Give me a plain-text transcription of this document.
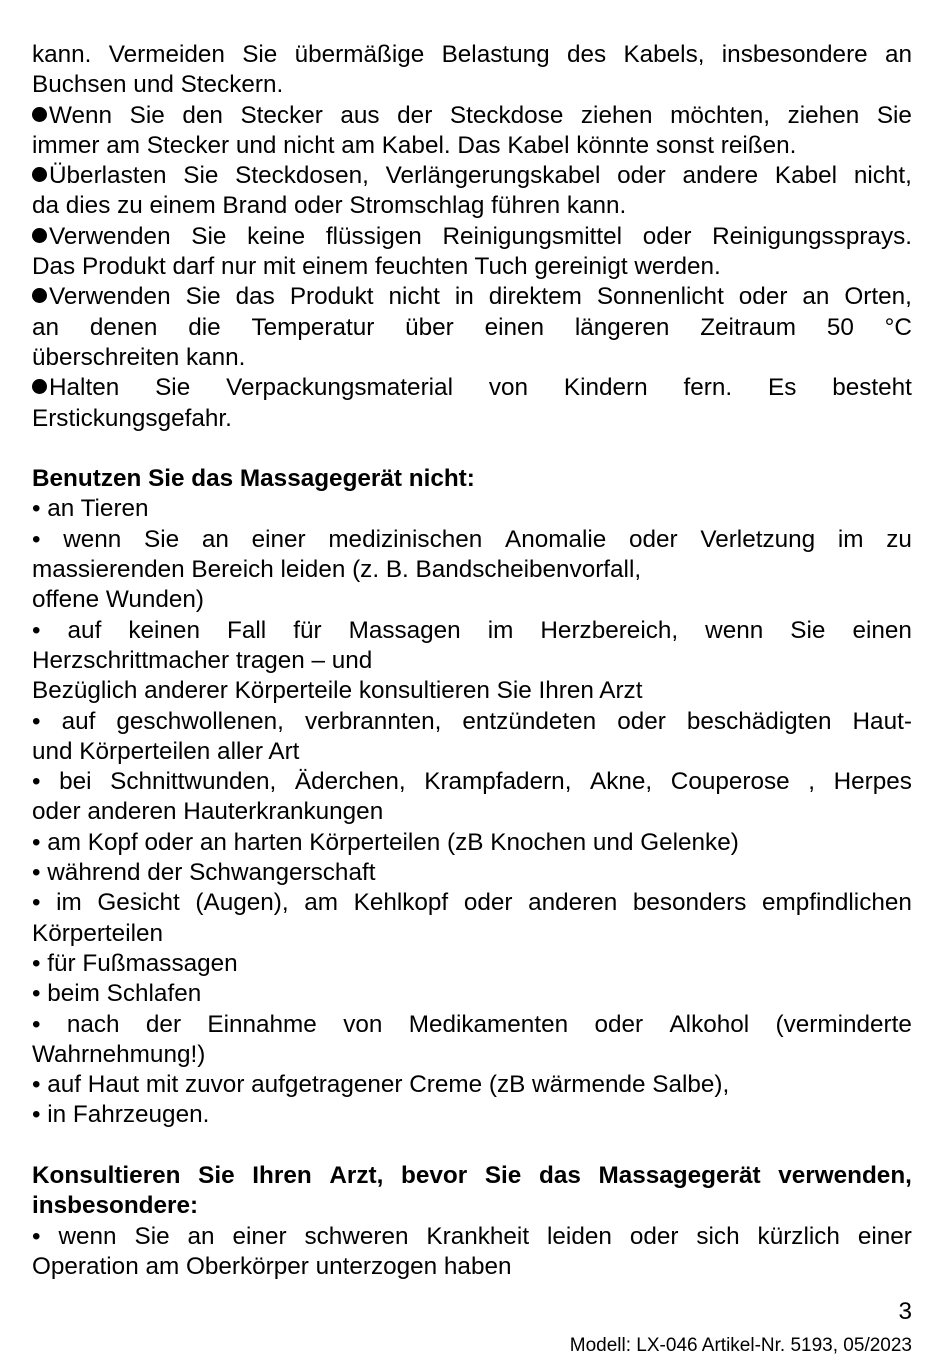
kann. Vermeiden Sie übermäßige Belastung des Kabels, insbesondere an
Buchsen und Steckern.
Wenn Sie den Stecker aus der Steckdose ziehen möchten, ziehen Sie
immer am Stecker und nicht am Kabel. Das Kabel könnte sonst reißen.
Überlasten Sie Steckdosen, Verlängerungskabel oder andere Kabel nicht,
da dies zu einem Brand oder Stromschlag führen kann.
Verwenden Sie keine flüssigen Reinigungsmittel oder Reinigungssprays.
Das Produkt darf nur mit einem feuchten Tuch gereinigt werden.
Verwenden Sie das Produkt nicht in direktem Sonnenlicht oder an Orten,
an denen die Temperatur über einen längeren Zeitraum 50 °C
überschreiten kann.
Halten Sie Verpackungsmaterial von Kindern fern. Es besteht
Erstickungsgefahr.
Benutzen Sie das Massagegerät nicht:
• an Tieren
• wenn Sie an einer medizinischen Anomalie oder Verletzung im zu
massierenden Bereich leiden (z. B. Bandscheibenvorfall,
offene Wunden)
• auf keinen Fall für Massagen im Herzbereich, wenn Sie einen
Herzschrittmacher tragen – und
Bezüglich anderer Körperteile konsultieren Sie Ihren Arzt
• auf geschwollenen, verbrannten, entzündeten oder beschädigten Haut-
und Körperteilen aller Art
• bei Schnittwunden, Äderchen, Krampfadern, Akne, Couperose , Herpes
oder anderen Hauterkrankungen
• am Kopf oder an harten Körperteilen (zB Knochen und Gelenke)
• während der Schwangerschaft
• im Gesicht (Augen), am Kehlkopf oder anderen besonders empfindlichen
Körperteilen
• für Fußmassagen
• beim Schlafen
• nach der Einnahme von Medikamenten oder Alkohol (verminderte
Wahrnehmung!)
• auf Haut mit zuvor aufgetragener Creme (zB wärmende Salbe),
• in Fahrzeugen.
Konsultieren Sie Ihren Arzt, bevor Sie das Massagegerät verwenden,
insbesondere:
• wenn Sie an einer schweren Krankheit leiden oder sich kürzlich einer
Operation am Oberkörper unterzogen haben
3
Modell: LX-046 Artikel-Nr. 5193, 05/2023
